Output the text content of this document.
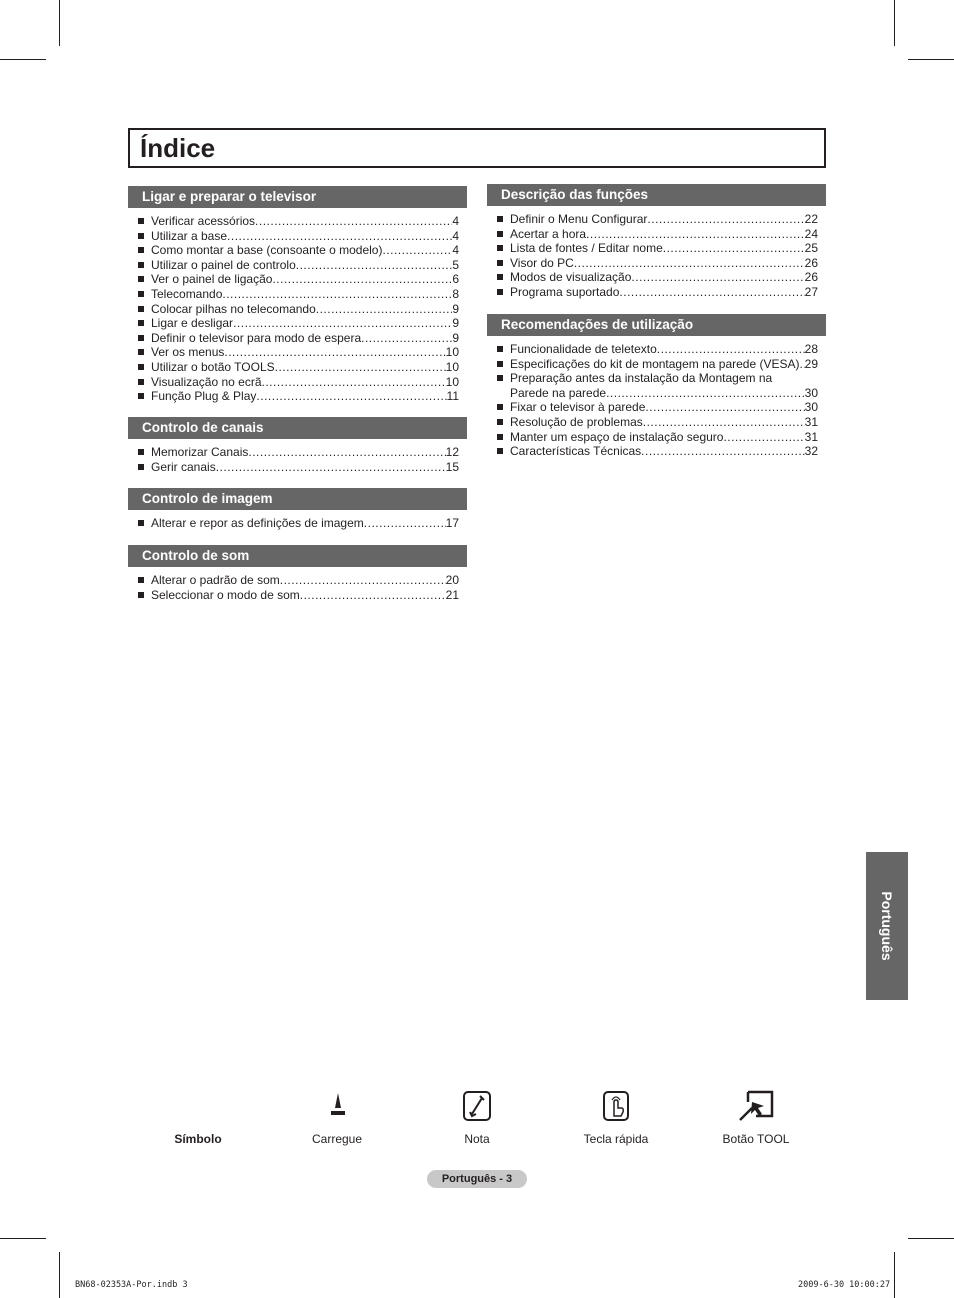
Índice
Ligar e preparar o televisor
Verificar acessórios .....	4
Utilizar a base .....	4
Como montar a base (consoante o modelo) .....	4
Utilizar o painel de controlo .....	5
Ver o painel de ligação .....	6
Telecomando .....	8
Colocar pilhas no telecomando .....	9
Ligar e desligar .....	9
Definir o televisor para modo de espera .....	9
Ver os menus .....	10
Utilizar o botão TOOLS .....	10
Visualização no ecrã .....	10
Função Plug & Play .....	11
Controlo de canais
Memorizar Canais .....	12
Gerir canais .....	15
Controlo de imagem
Alterar e repor as definições de imagem .....	17
Controlo de som
Alterar o padrão de som .....	20
Seleccionar o modo de som .....	21
Descrição das funções
Definir o Menu Configurar .....	22
Acertar a hora .....	24
Lista de fontes / Editar nome .....	25
Visor do PC .....	26
Modos de visualização .....	26
Programa suportado .....	27
Recomendações de utilização
Funcionalidade de teletexto .....	28
Especificações do kit de montagem na parede (VESA) ..... 29
Preparação antes da instalação da Montagem na
Parede na parede .....	30
Fixar o televisor à parede .....	30
Resolução de problemas .....	31
Manter um espaço de instalação seguro .....	31
Características Técnicas .....	32
Português
Símbolo	Carregue	Nota	Tecla rápida	Botão TOOL
Português - 3
BN68-02353A-Por.indb 3	2009-6-30 10:00:27
